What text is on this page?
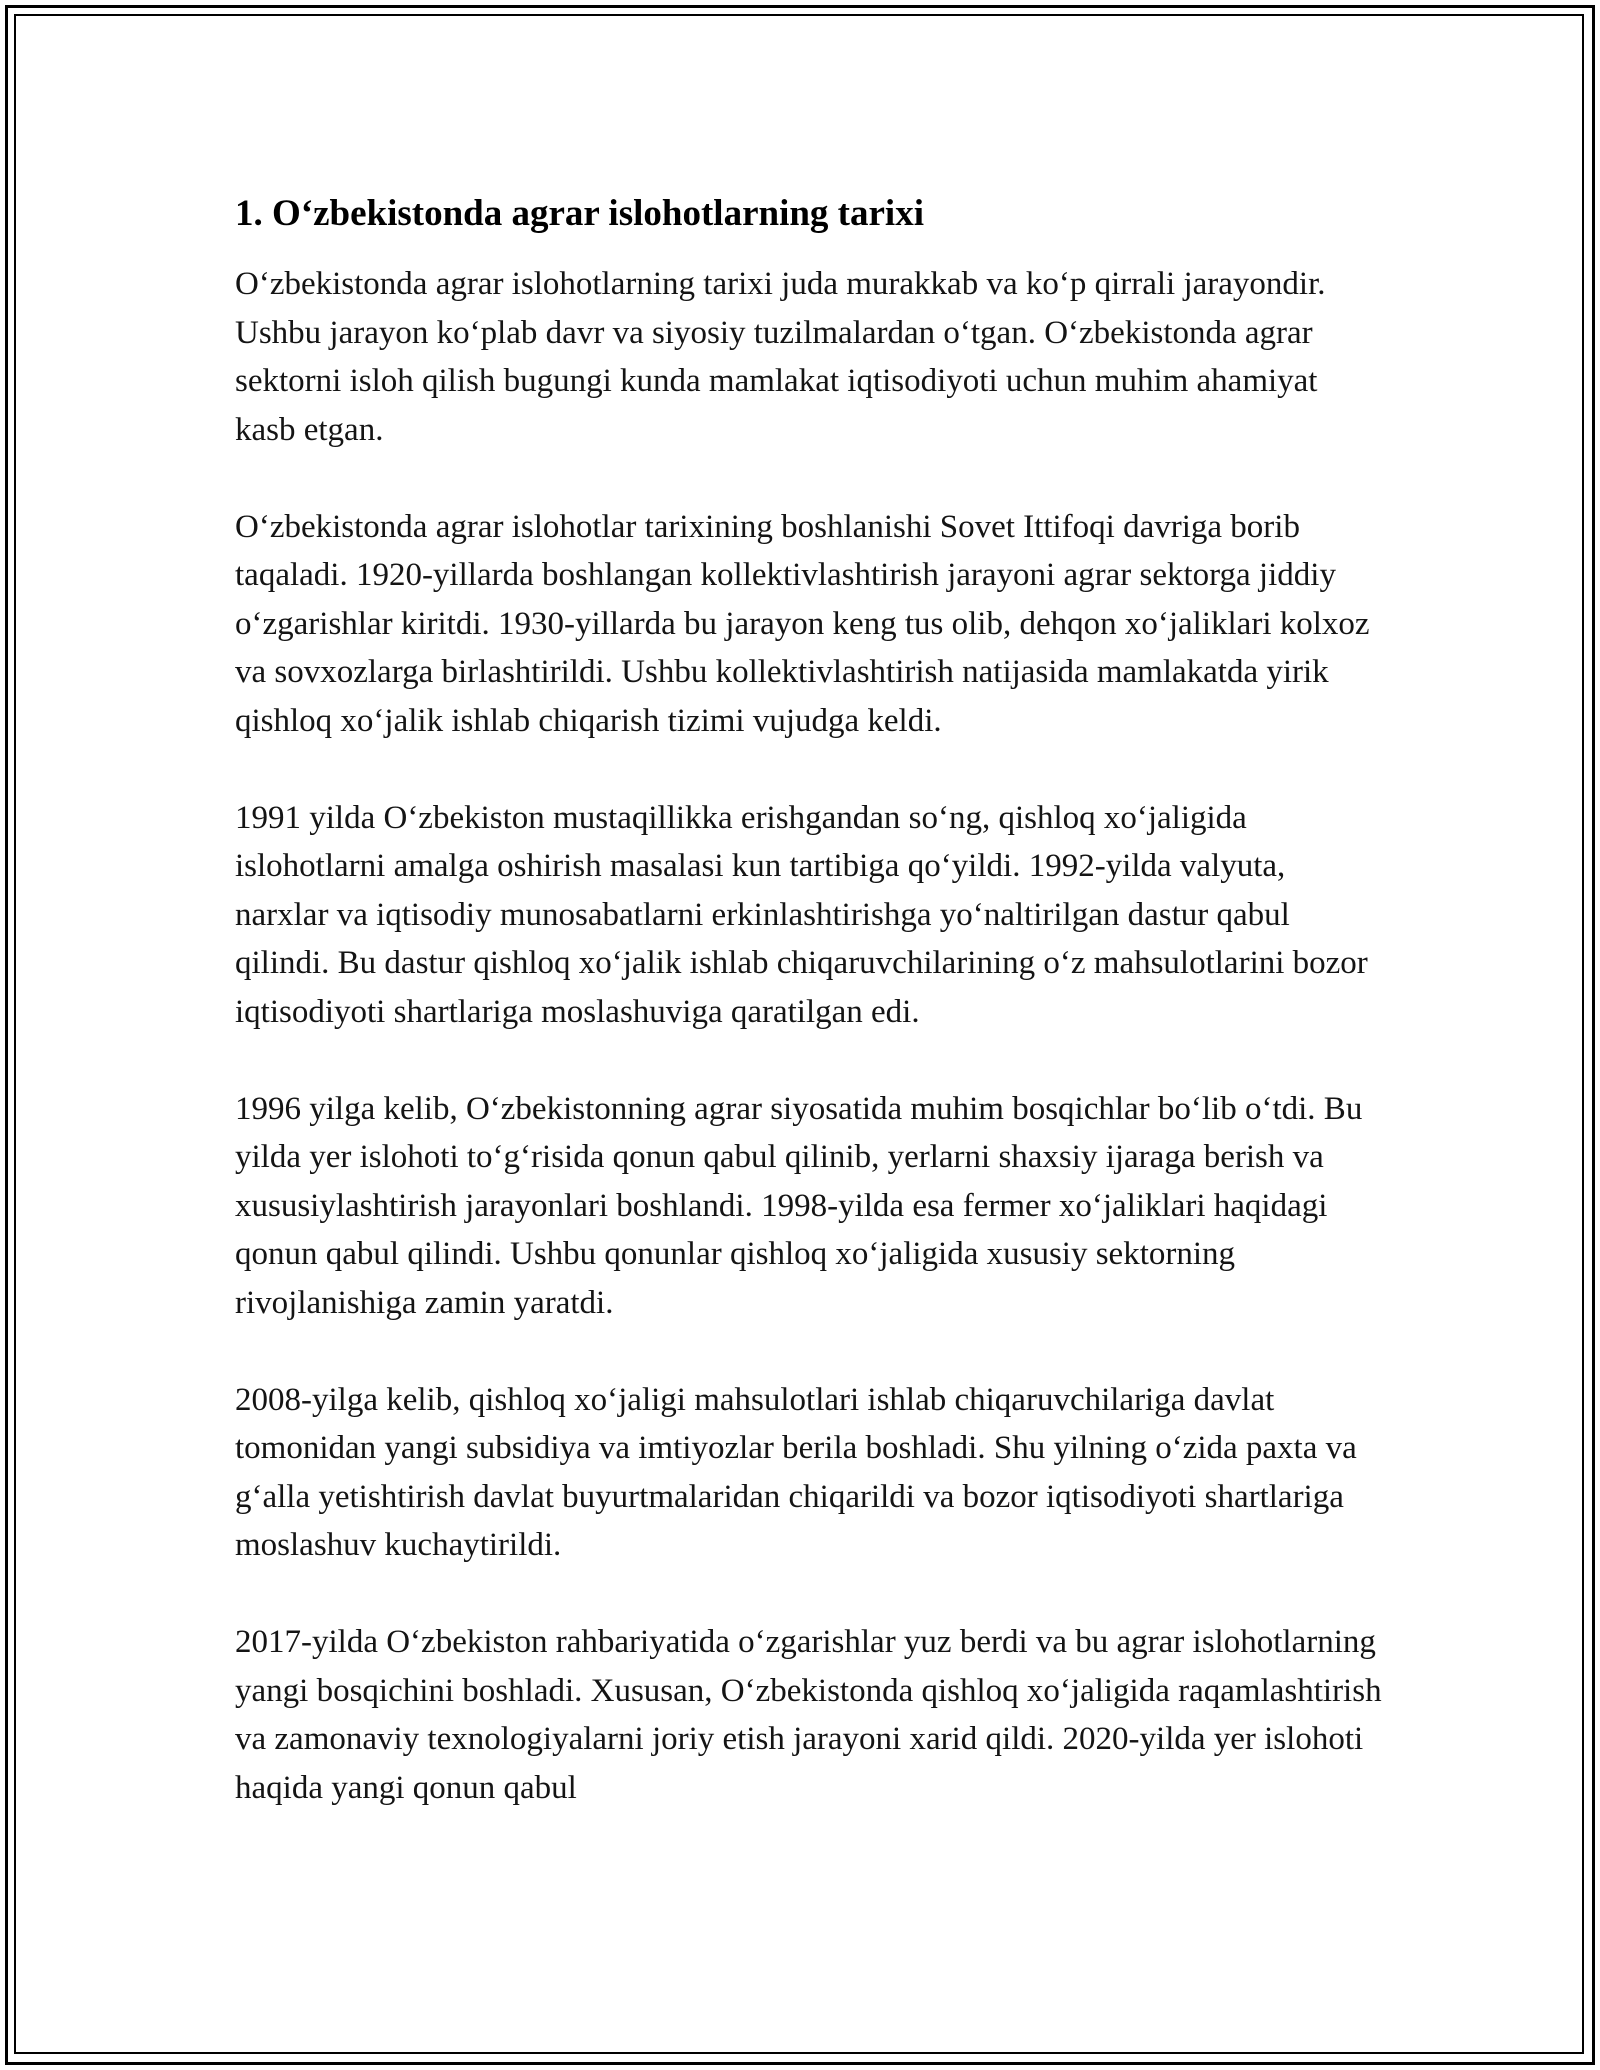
1. O‘zbekistonda agrar islohotlarning tarixi

O‘zbekistonda agrar islohotlarning tarixi juda murakkab va ko‘p qirrali jarayondir. Ushbu jarayon ko‘plab davr va siyosiy tuzilmalardan o‘tgan. O‘zbekistonda agrar sektorni isloh qilish bugungi kunda mamlakat iqtisodiyoti uchun muhim ahamiyat kasb etgan.

O‘zbekistonda agrar islohotlar tarixining boshlanishi Sovet Ittifoqi davriga borib taqaladi. 1920-yillarda boshlangan kollektivlashtirish jarayoni agrar sektorga jiddiy o‘zgarishlar kiritdi. 1930-yillarda bu jarayon keng tus olib, dehqon xo‘jaliklari kolxoz va sovxozlarga birlashtirildi. Ushbu kollektivlashtirish natijasida mamlakatda yirik qishloq xo‘jalik ishlab chiqarish tizimi vujudga keldi.

1991 yilda O‘zbekiston mustaqillikka erishgandan so‘ng, qishloq xo‘jaligida islohotlarni amalga oshirish masalasi kun tartibiga qo‘yildi. 1992-yilda valyuta, narxlar va iqtisodiy munosabatlarni erkinlashtirishga yo‘naltirilgan dastur qabul qilindi. Bu dastur qishloq xo‘jalik ishlab chiqaruvchilarining o‘z mahsulotlarini bozor iqtisodiyoti shartlariga moslashuviga qaratilgan edi.

1996 yilga kelib, O‘zbekistonning agrar siyosatida muhim bosqichlar bo‘lib o‘tdi. Bu yilda yer islohoti to‘g‘risida qonun qabul qilinib, yerlarni shaxsiy ijaraga berish va xususiylashtirish jarayonlari boshlandi. 1998-yilda esa fermer xo‘jaliklari haqidagi qonun qabul qilindi. Ushbu qonunlar qishloq xo‘jaligida xususiy sektorning rivojlanishiga zamin yaratdi.

2008-yilga kelib, qishloq xo‘jaligi mahsulotlari ishlab chiqaruvchilariga davlat tomonidan yangi subsidiya va imtiyozlar berila boshladi. Shu yilning o‘zida paxta va g‘alla yetishtirish davlat buyurtmalaridan chiqarildi va bozor iqtisodiyoti shartlariga moslashuv kuchaytirildi.

2017-yilda O‘zbekiston rahbariyatida o‘zgarishlar yuz berdi va bu agrar islohotlarning yangi bosqichini boshladi. Xususan, O‘zbekistonda qishloq xo‘jaligida raqamlashtirish va zamonaviy texnologiyalarni joriy etish jarayoni xarid qildi. 2020-yilda yer islohoti haqida yangi qonun qabul
